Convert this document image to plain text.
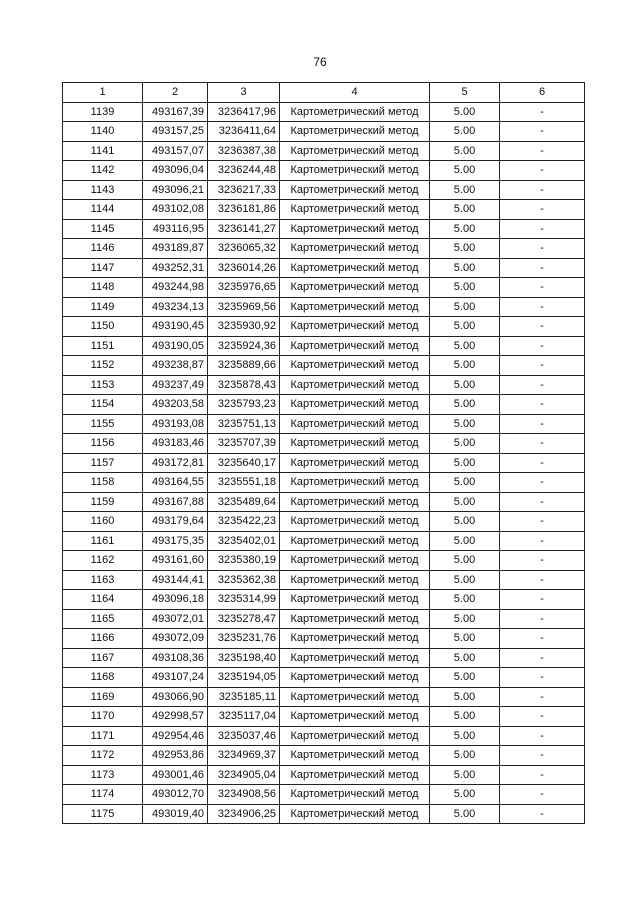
76
1	2	3	4	5	6
1139	493167,39	3236417,96	Картометрический метод	5.00	-
1140	493157,25	3236411,64	Картометрический метод	5.00	-
1141	493157,07	3236387,38	Картометрический метод	5.00	-
1142	493096,04	3236244,48	Картометрический метод	5.00	-
1143	493096,21	3236217,33	Картометрический метод	5.00	-
1144	493102,08	3236181,86	Картометрический метод	5.00	-
1145	493116,95	3236141,27	Картометрический метод	5.00	-
1146	493189,87	3236065,32	Картометрический метод	5.00	-
1147	493252,31	3236014,26	Картометрический метод	5.00	-
1148	493244,98	3235976,65	Картометрический метод	5.00	-
1149	493234,13	3235969,56	Картометрический метод	5.00	-
1150	493190,45	3235930,92	Картометрический метод	5.00	-
1151	493190,05	3235924,36	Картометрический метод	5.00	-
1152	493238,87	3235889,66	Картометрический метод	5.00	-
1153	493237,49	3235878,43	Картометрический метод	5.00	-
1154	493203,58	3235793,23	Картометрический метод	5.00	-
1155	493193,08	3235751,13	Картометрический метод	5.00	-
1156	493183,46	3235707,39	Картометрический метод	5.00	-
1157	493172,81	3235640,17	Картометрический метод	5.00	-
1158	493164,55	3235551,18	Картометрический метод	5.00	-
1159	493167,88	3235489,64	Картометрический метод	5.00	-
1160	493179,64	3235422,23	Картометрический метод	5.00	-
1161	493175,35	3235402,01	Картометрический метод	5.00	-
1162	493161,60	3235380,19	Картометрический метод	5.00	-
1163	493144,41	3235362,38	Картометрический метод	5.00	-
1164	493096,18	3235314,99	Картометрический метод	5.00	-
1165	493072,01	3235278,47	Картометрический метод	5.00	-
1166	493072,09	3235231,76	Картометрический метод	5.00	-
1167	493108,36	3235198,40	Картометрический метод	5.00	-
1168	493107,24	3235194,05	Картометрический метод	5.00	-
1169	493066,90	3235185,11	Картометрический метод	5.00	-
1170	492998,57	3235117,04	Картометрический метод	5.00	-
1171	492954,46	3235037,46	Картометрический метод	5.00	-
1172	492953,86	3234969,37	Картометрический метод	5.00	-
1173	493001,46	3234905,04	Картометрический метод	5.00	-
1174	493012,70	3234908,56	Картометрический метод	5.00	-
1175	493019,40	3234906,25	Картометрический метод	5.00	-
